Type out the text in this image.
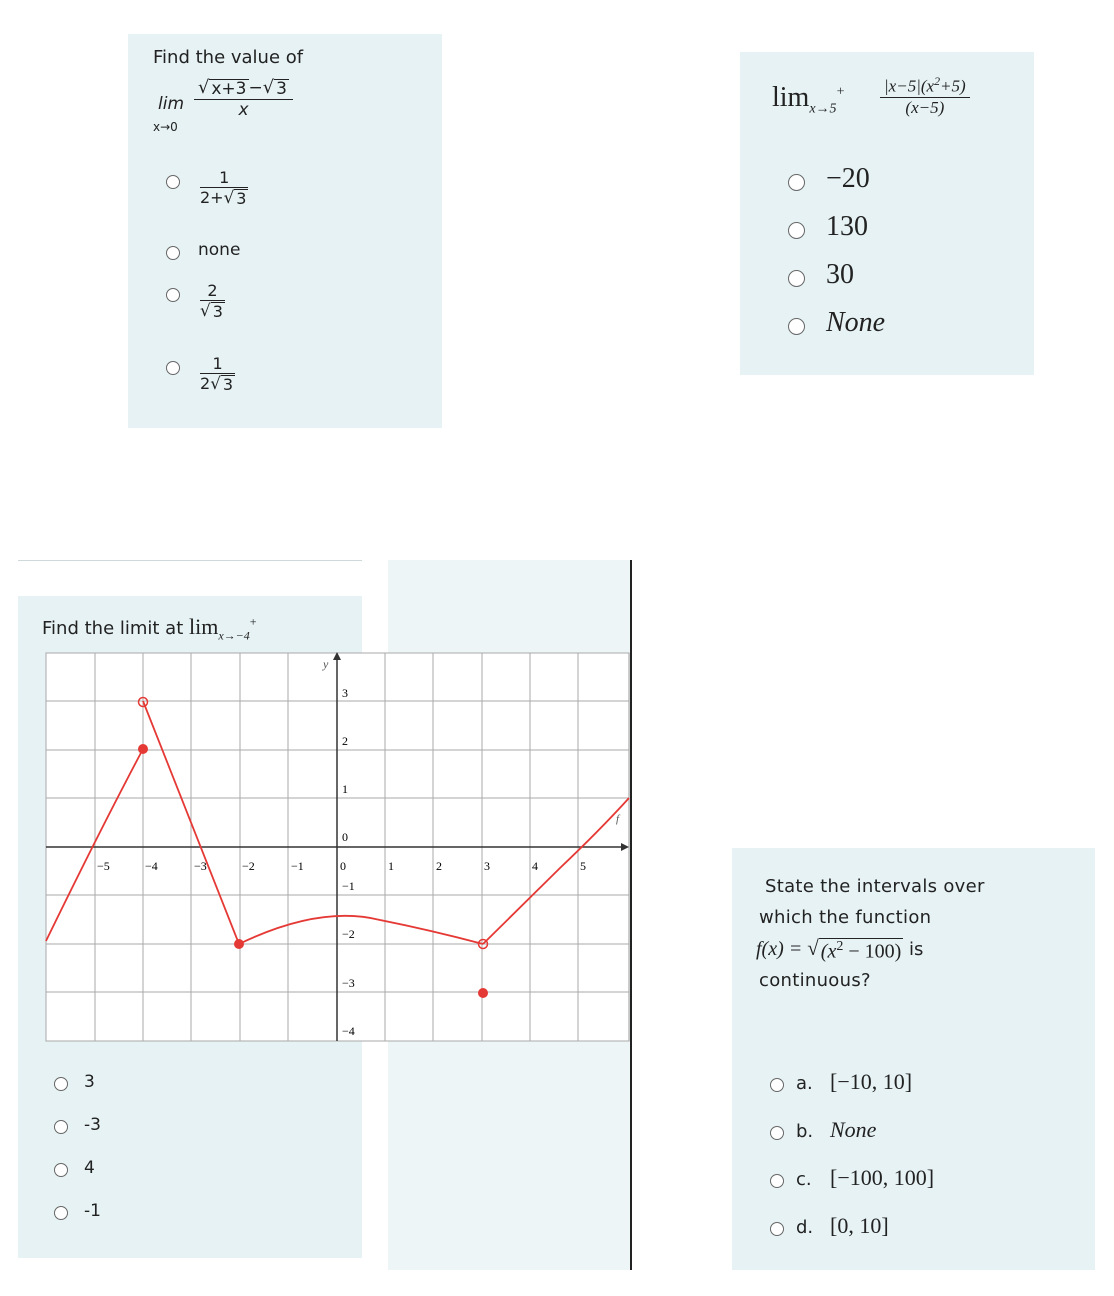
Find the value of
lim
x→0
√ x+3 − √ 3
x
1
2+ √ 3
none
2
√ 3
1
2 √ 3
$\lim_{x\to 5}^+ |x-5|(x^2+5)$
(x−5)
−20
130
30
None
Find the limit at $\lim_{x\to-4}^+$
3
-3
4
-1
y
f
−5	−4	−3	−2	−1	0	1	2	3	4	5
3
2
1
0
−1
−2
−3
−4
State the intervals over
which the function
f(x) = √ $(x^2 - 100)$ is
continuous?
a. [−10, 10]
b. None
c. [−100, 100]
d. [0, 10]
